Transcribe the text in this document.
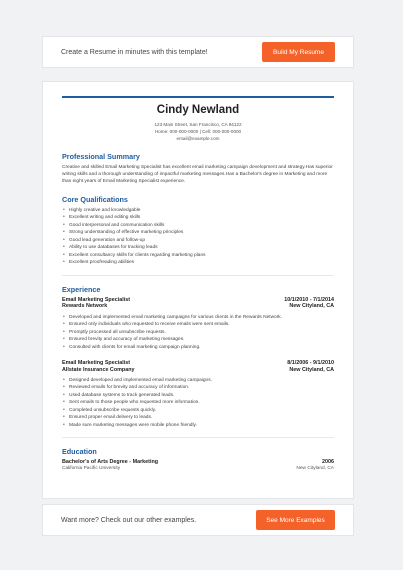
Create a Resume in minutes with this template!	Build My Resume
Cindy Newland
123 Main Street, San Francisco, CA 94122
Home: 000-000-0000 | Cell: 000-000-0000
email@example.com
Professional Summary
Creative and skilled Email Marketing Specialist has excellent email marketing campaign development and strategy.Has superior writing skills and a thorough understanding of impactful marketing messages.Has a Bachelor's degree in Marketing and more than eight years of Email Marketing Specialist experience.
Core Qualifications
• Highly creative and knowledgable
• Excellent writing and editing skills
• Good interpersonal and communication skills
• Strong understanding of effective marketing principles
• Good lead generation and follow-up
• Ability to use databases for tracking leads
• Excellent consultancy skills for clients regarding marketing plans
• Excellent proofreading abilities
Experience
Email Marketing Specialist
Rewards Network
10/1/2010 - 7/1/2014
New Cityland, CA
• Developed and implemented email marketing campaigns for various clients in the Rewards Network.
• Ensured only individuals who requested to receive emails were sent emails.
• Promptly processed all unsubscribe requests.
• Ensured brevity and accuracy of marketing messages.
• Consulted with clients for email marketing campaign planning.
Email Marketing Specialist
Allstate Insurance Company
8/1/2006 - 9/1/2010
New Cityland, CA
• Designed developed and implemented email marketing campaigns.
• Reviewed emails for brevity and accuracy of information.
• Used database systems to track generated leads.
• Sent emails to those people who requested more information.
• Completed unsubscribe requests quickly.
• Ensured proper email delivery to leads.
• Made sure marketing messages were mobile phone friendly.
Education
Bachelor's of Arts Degree - Marketing
California Pacific University
2006
New Cityland, CA
Want more? Check out our other examples.	See More Examples
